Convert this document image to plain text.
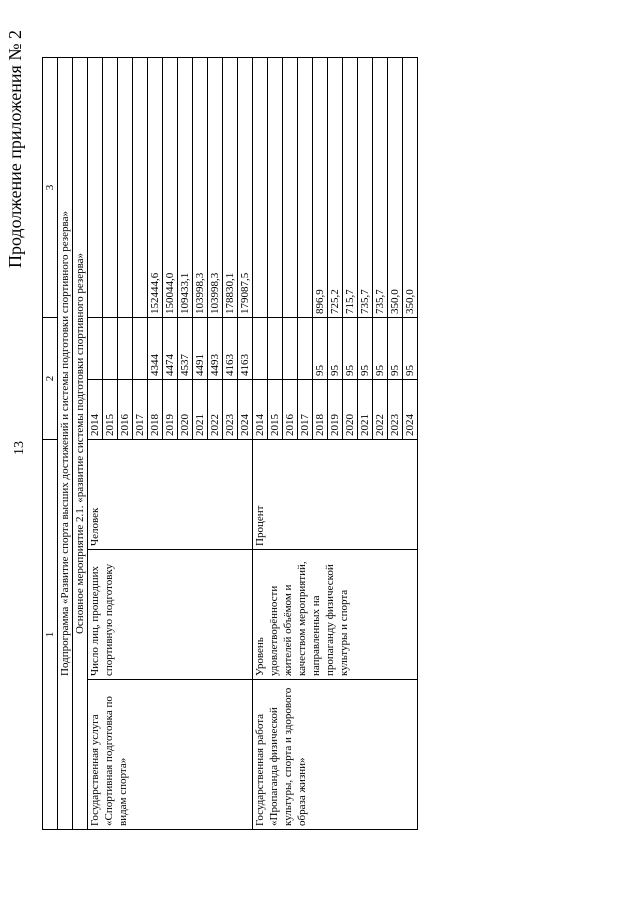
13
Продолжение приложения № 2
1			2		3
Подпрограмма «Развитие спорта высших достижений и системы подготовки спортивного резерва»					
Основное мероприятие 2.1. «развитие системы подготовки спортивного резерва»					
Государственная услуга «Спортивная подготовка по видам спорта»	Число лиц, прошедших спортивную подготовку	Человек	2014		
			2015		
			2016		
			2017		
			2018	4344	152444,6
			2019	4474	150044,0
			2020	4537	109433,1
			2021	4491	103998,3
			2022	4493	103998,3
			2023	4163	178830,1
			2024	4163	179087,5
Государственная работа «Пропаганда физической культуры, спорта и здорового образа жизни»	Уровень удовлетворённости жителей объёмом и качеством мероприятий, направленных на пропаганду физической культуры и спорта	Процент	2014		
			2015		
			2016		
			2017		
			2018	95	896,9
			2019	95	725,2
			2020	95	715,7
			2021	95	735,7
			2022	95	735,7
			2023	95	350,0
			2024	95	350,0
